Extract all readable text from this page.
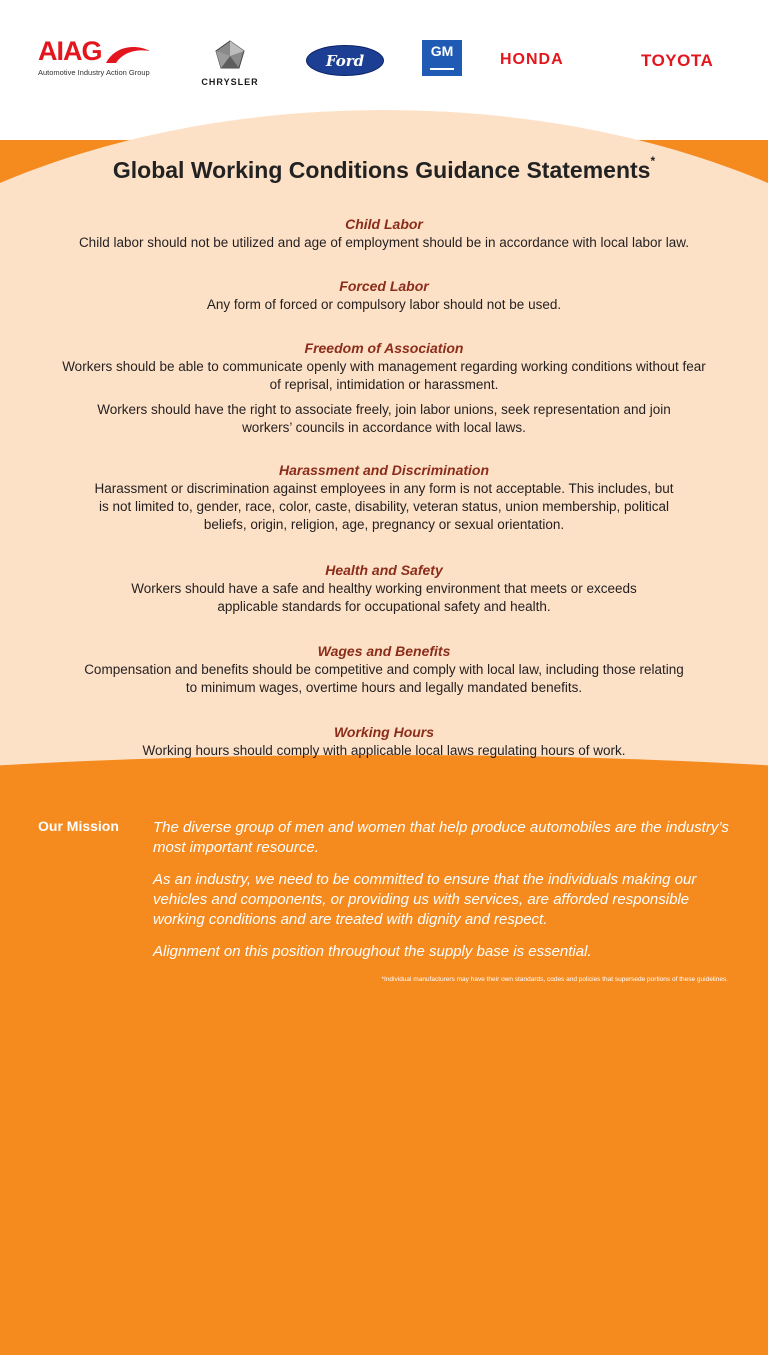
AIAG
Automotive Industry Action Group
CHRYSLER
Ford
GM	HONDA	TOYOTA
Global Working Conditions Guidance Statements*
Child Labor

Child labor should not be utilized and age of employment should be in accordance with local labor law.

Forced Labor

Any form of forced or compulsory labor should not be used.

Freedom of Association

Workers should be able to communicate openly with management regarding working conditions without fear of reprisal, intimidation or harassment.

Workers should have the right to associate freely, join labor unions, seek representation and join workers’ councils in accordance with local laws.

Harassment and Discrimination

Harassment or discrimination against employees in any form is not acceptable. This includes, but is not limited to, gender, race, color, caste, disability, veteran status, union membership, political beliefs, origin, religion, age, pregnancy or sexual orientation.

Health and Safety

Workers should have a safe and healthy working environment that meets or exceeds applicable standards for occupational safety and health.

Wages and Benefits

Compensation and benefits should be competitive and comply with local law, including those relating to minimum wages, overtime hours and legally mandated benefits.

Working Hours

Working hours should comply with applicable local laws regulating hours of work.

Our Mission The diverse group of men and women that help produce automobiles are the industry’s most important resource.

As an industry, we need to be committed to ensure that the individuals making our vehicles and components, or providing us with services, are afforded responsible working conditions and are treated with dignity and respect.

Alignment on this position throughout the supply base is essential.

*Individual manufacturers may have their own standards, codes and policies that supersede portions of these guidelines.
